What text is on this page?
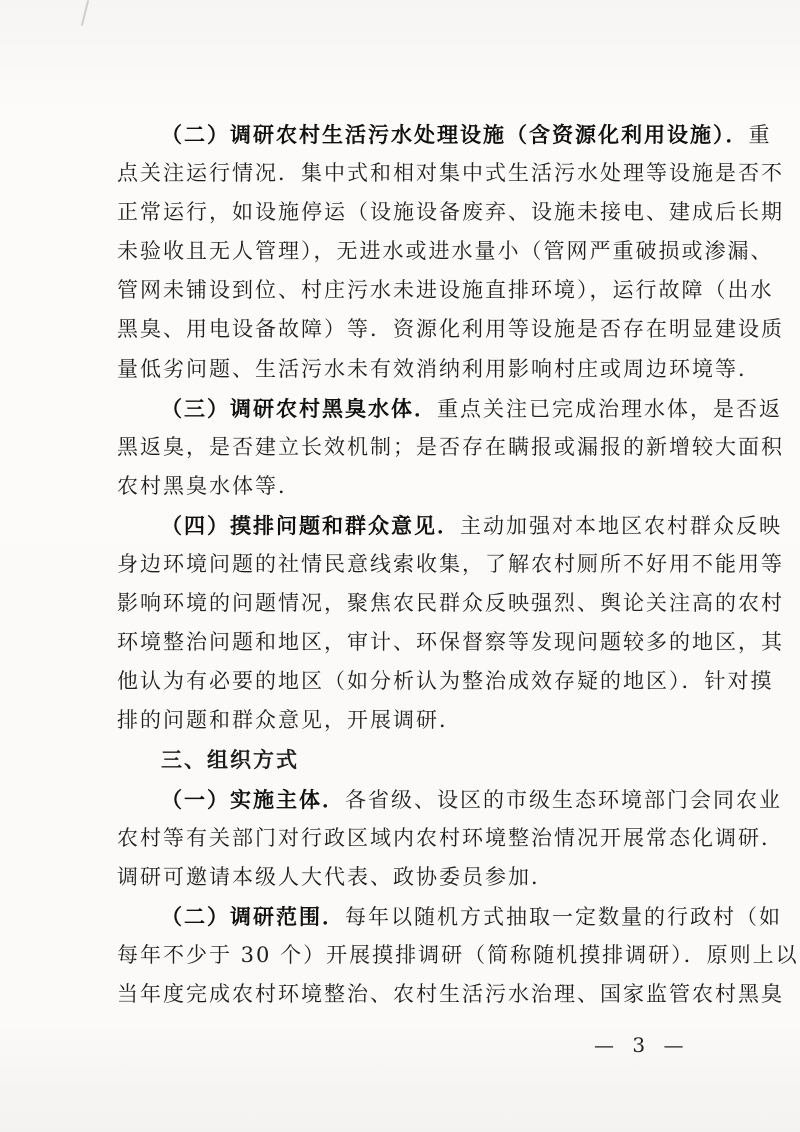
（二）调研农村生活污水处理设施（含资源化利用设施）．重
点关注运行情况．集中式和相对集中式生活污水处理等设施是否不
正常运行，如设施停运（设施设备废弃、设施未接电、建成后长期
未验收且无人管理），无进水或进水量小（管网严重破损或渗漏、
管网未铺设到位、村庄污水未进设施直排环境），运行故障（出水
黑臭、用电设备故障）等．资源化利用等设施是否存在明显建设质
量低劣问题、生活污水未有效消纳利用影响村庄或周边环境等．
（三）调研农村黑臭水体．重点关注已完成治理水体，是否返
黑返臭，是否建立长效机制；是否存在瞒报或漏报的新增较大面积
农村黑臭水体等．
（四）摸排问题和群众意见．主动加强对本地区农村群众反映
身边环境问题的社情民意线索收集，了解农村厕所不好用不能用等
影响环境的问题情况，聚焦农民群众反映强烈、舆论关注高的农村
环境整治问题和地区，审计、环保督察等发现问题较多的地区，其
他认为有必要的地区（如分析认为整治成效存疑的地区）．针对摸
排的问题和群众意见，开展调研．
三、组织方式
（一）实施主体．各省级、设区的市级生态环境部门会同农业
农村等有关部门对行政区域内农村环境整治情况开展常态化调研．
调研可邀请本级人大代表、政协委员参加．
（二）调研范围．每年以随机方式抽取一定数量的行政村（如
每年不少于 30 个）开展摸排调研（简称随机摸排调研）．原则上以
当年度完成农村环境整治、农村生活污水治理、国家监管农村黑臭
— 3 —
